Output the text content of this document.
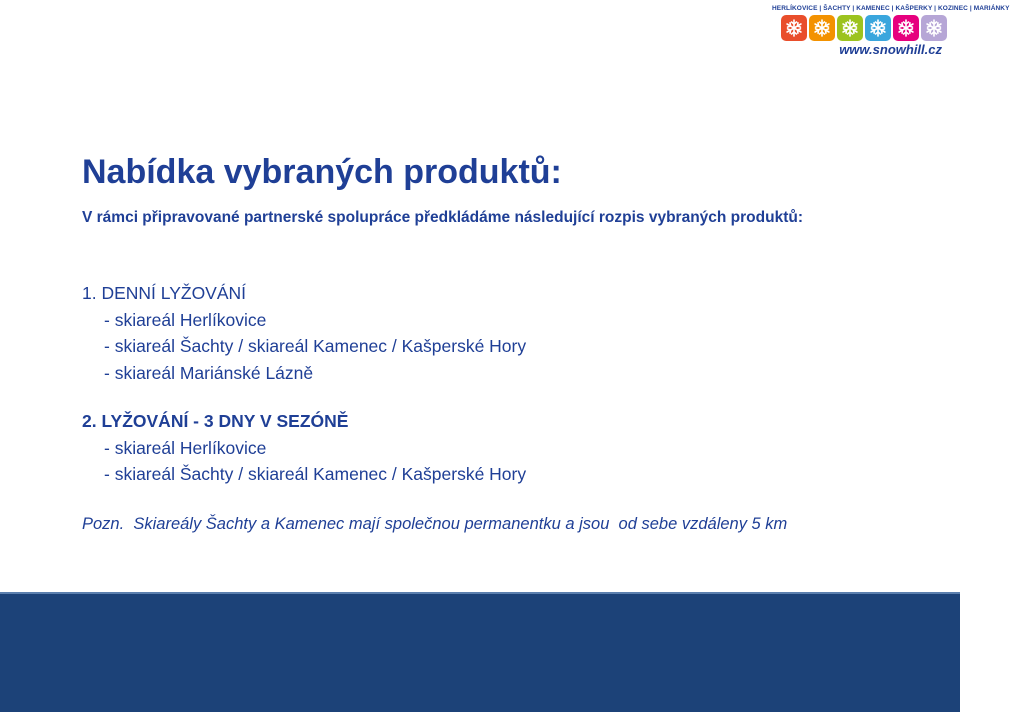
HERLÍKOVICE | ŠACHTY | KAMENEC | KAŠPERKY | KOZINEC | MARIÁNKY
www.snowhill.cz
Nabídka vybraných produktů:

V rámci připravované partnerské spolupráce předkládáme následující rozpis vybraných produktů:

1. DENNÍ LYŽOVÁNÍ
- skiareál Herlíkovice
- skiareál Šachty / skiareál Kamenec / Kašperské Hory
- skiareál Mariánské Lázně
2. LYŽOVÁNÍ - 3 DNY V SEZÓNĚ
- skiareál Herlíkovice
- skiareál Šachty / skiareál Kamenec / Kašperské Hory

Pozn.  Skiareály Šachty a Kamenec mají společnou permanentku a jsou  od sebe vzdáleny 5 km
